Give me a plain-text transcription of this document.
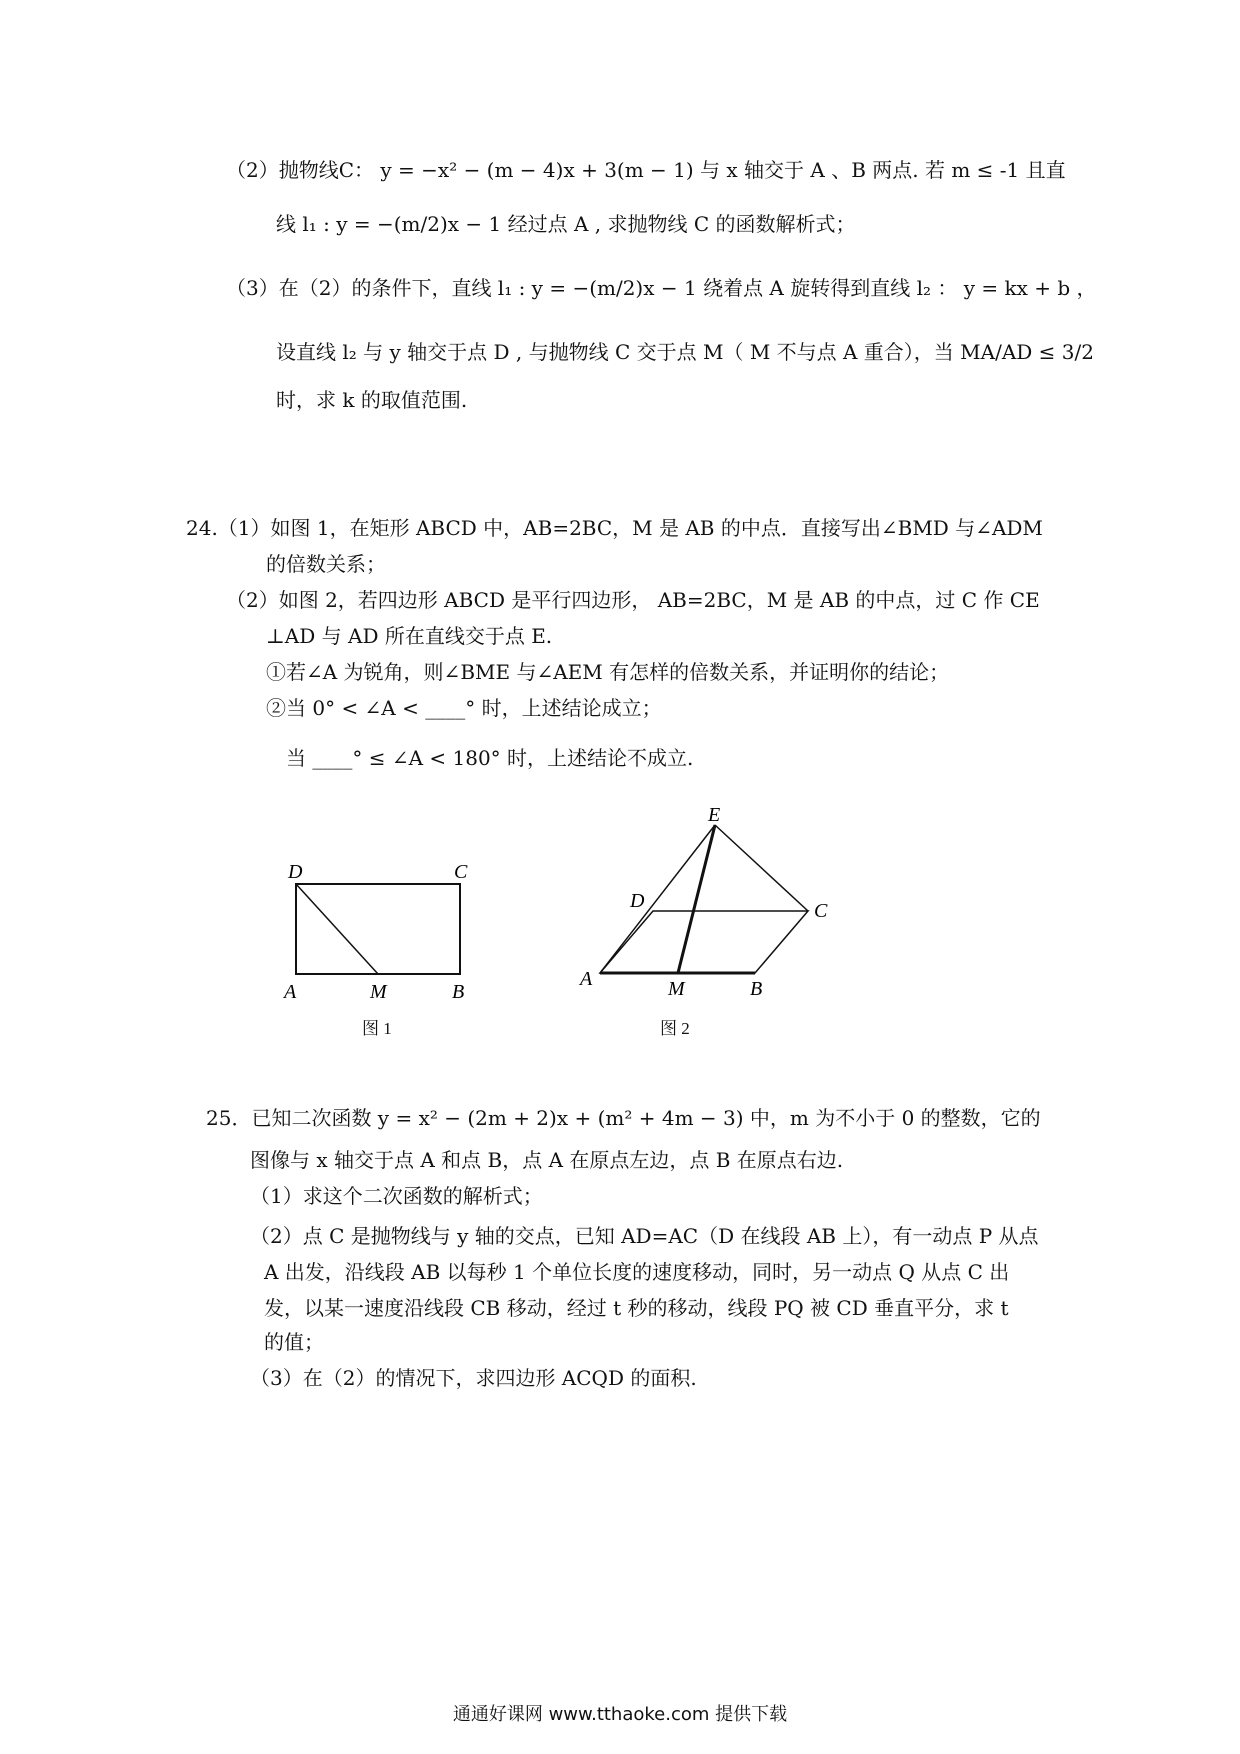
（2）抛物线C： y = −x² − (m − 4)x + 3(m − 1) 与 x 轴交于 A 、B 两点. 若 m ≤ -1 且直
线 l₁ : y = −(m/2)x − 1 经过点 A , 求抛物线 C 的函数解析式；
（3）在（2）的条件下，直线 l₁ : y = −(m/2)x − 1 绕着点 A 旋转得到直线 l₂ ： y = kx + b ，
设直线 l₂ 与 y 轴交于点 D , 与抛物线 C 交于点 M（ M 不与点 A 重合），当 MA/AD ≤ 3/2
时，求 k 的取值范围.
24.（1）如图 1，在矩形 ABCD 中，AB=2BC，M 是 AB 的中点．直接写出∠BMD 与∠ADM
的倍数关系；
（2）如图 2，若四边形 ABCD 是平行四边形， AB=2BC，M 是 AB 的中点，过 C 作 CE
⊥AD 与 AD 所在直线交于点 E.
①若∠A 为锐角，则∠BME 与∠AEM 有怎样的倍数关系，并证明你的结论；
②当 0° < ∠A < ____° 时，上述结论成立；
当 ____° ≤ ∠A < 180° 时，上述结论不成立.
D	C
A	M	B
图 1
E
D	C
A	M	B
图 2
25．已知二次函数 y = x² − (2m + 2)x + (m² + 4m − 3) 中，m 为不小于 0 的整数，它的
图像与 x 轴交于点 A 和点 B，点 A 在原点左边，点 B 在原点右边.
（1）求这个二次函数的解析式；
（2）点 C 是抛物线与 y 轴的交点，已知 AD=AC（D 在线段 AB 上），有一动点 P 从点
A 出发，沿线段 AB 以每秒 1 个单位长度的速度移动，同时，另一动点 Q 从点 C 出
发，以某一速度沿线段 CB 移动，经过 t 秒的移动，线段 PQ 被 CD 垂直平分，求 t
的值；
（3）在（2）的情况下，求四边形 ACQD 的面积.
通通好课网 www.tthaoke.com 提供下载
